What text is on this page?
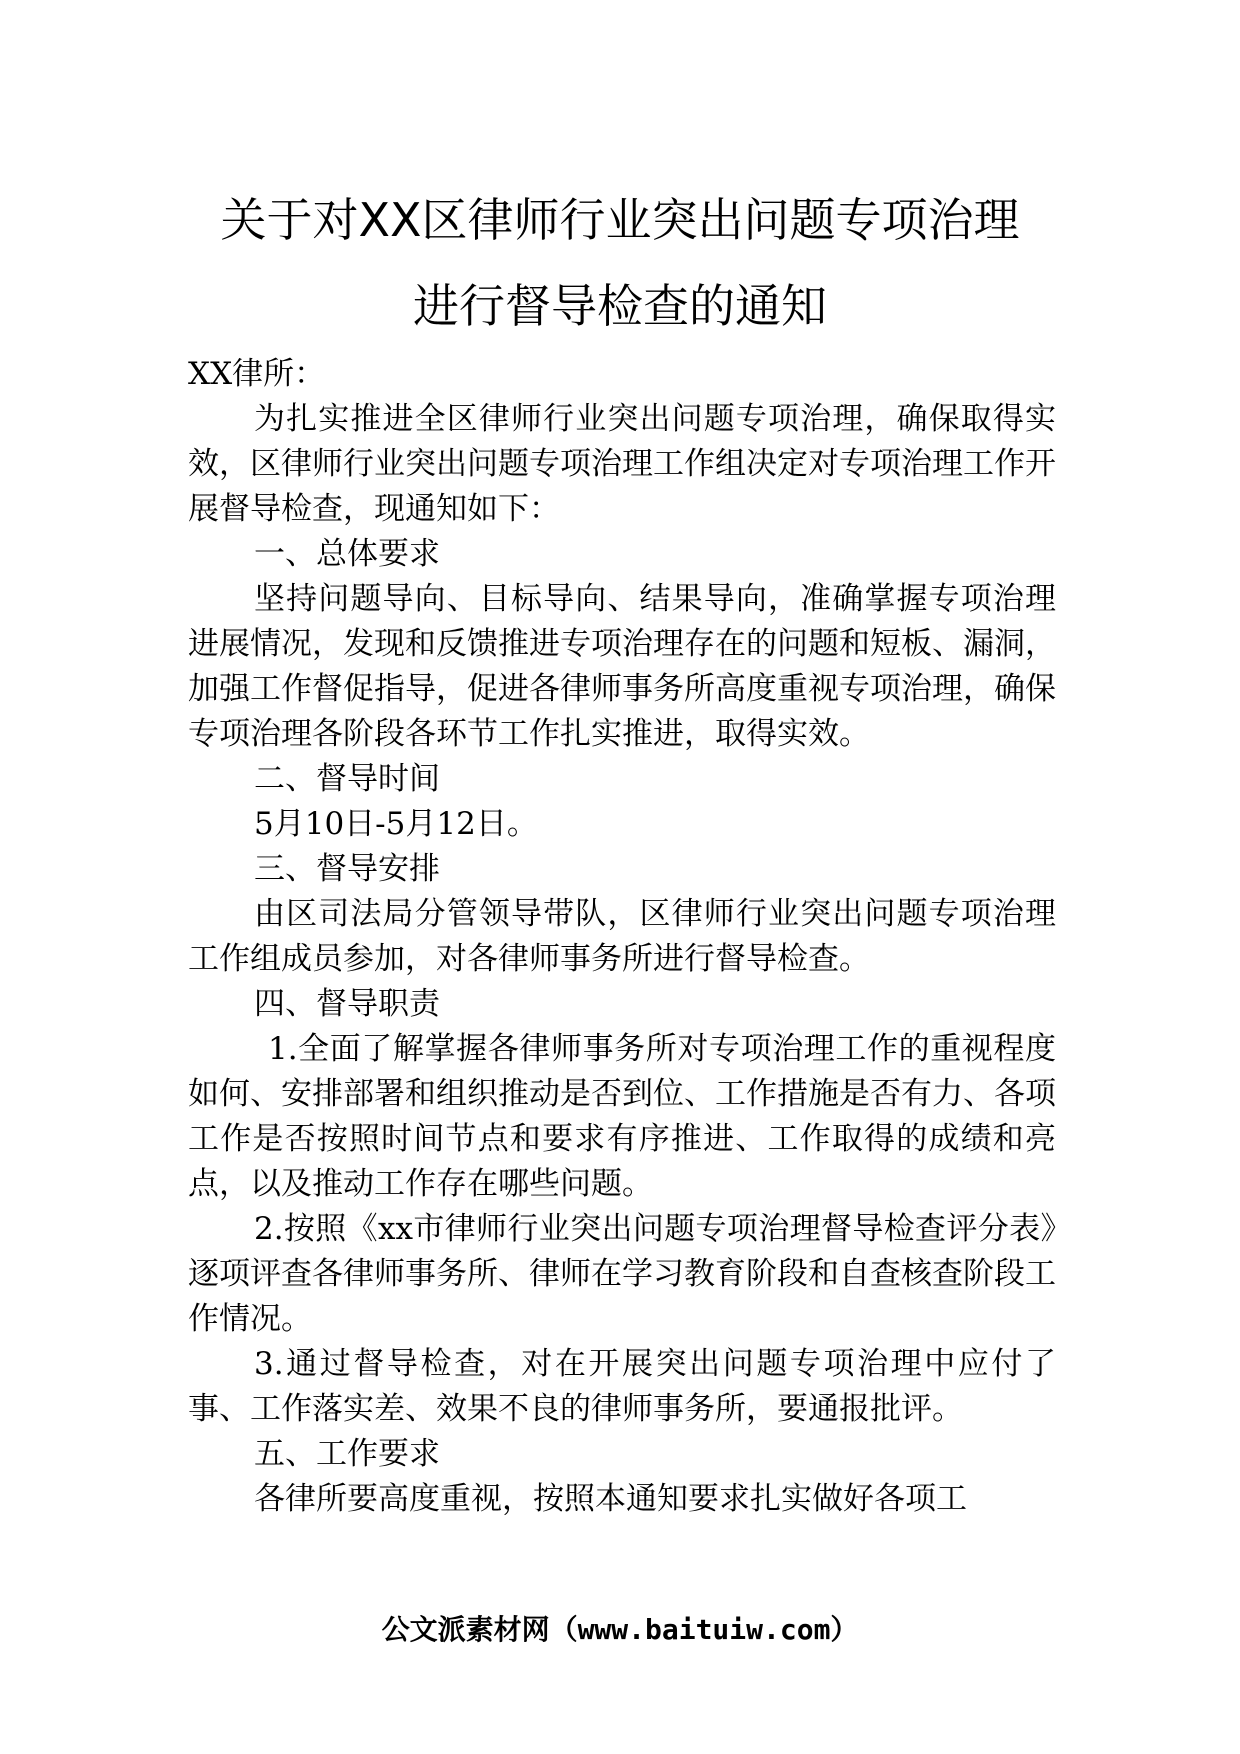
关于对XX区律师行业突出问题专项治理
进行督导检查的通知

XX律所：

为扎实推进全区律师行业突出问题专项治理，确保取得实效，区律师行业突出问题专项治理工作组决定对专项治理工作开展督导检查，现通知如下：

一、总体要求

坚持问题导向、目标导向、结果导向，准确掌握专项治理进展情况，发现和反馈推进专项治理存在的问题和短板、漏洞，加强工作督促指导，促进各律师事务所高度重视专项治理，确保专项治理各阶段各环节工作扎实推进，取得实效。

二、督导时间

5月10日-5月12日。

三、督导安排

由区司法局分管领导带队，区律师行业突出问题专项治理工作组成员参加，对各律师事务所进行督导检查。

四、督导职责

1.全面了解掌握各律师事务所对专项治理工作的重视程度如何、安排部署和组织推动是否到位、工作措施是否有力、各项工作是否按照时间节点和要求有序推进、工作取得的成绩和亮点，以及推动工作存在哪些问题。

2.按照《xx市律师行业突出问题专项治理督导检查评分表》逐项评查各律师事务所、律师在学习教育阶段和自查核查阶段工作情况。

3.通过督导检查，对在开展突出问题专项治理中应付了事、工作落实差、效果不良的律师事务所，要通报批评。

五、工作要求

各律所要高度重视，按照本通知要求扎实做好各项工

公文派素材网（www.baituiw.com）
